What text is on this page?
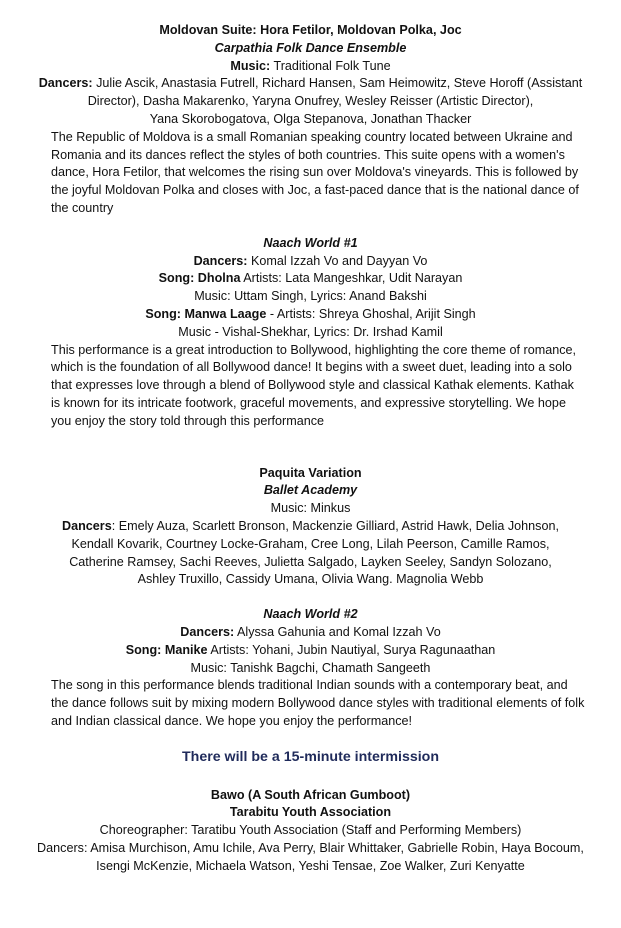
Moldovan Suite: Hora Fetilor, Moldovan Polka, Joc
Carpathia Folk Dance Ensemble
Music: Traditional Folk Tune
Dancers: Julie Ascik, Anastasia Futrell, Richard Hansen, Sam Heimowitz, Steve Horoff (Assistant
Director), Dasha Makarenko, Yaryna Onufrey, Wesley Reisser (Artistic Director),
Yana Skorobogatova, Olga Stepanova, Jonathan Thacker
The Republic of Moldova is a small Romanian speaking country located between Ukraine and Romania and its dances reflect the styles of both countries. This suite opens with a women's dance, Hora Fetilor, that welcomes the rising sun over Moldova's vineyards. This is followed by the joyful Moldovan Polka and closes with Joc, a fast-paced dance that is the national dance of the country
Naach World #1
Dancers: Komal Izzah Vo and Dayyan Vo
Song: Dholna Artists: Lata Mangeshkar, Udit Narayan
Music: Uttam Singh, Lyrics: Anand Bakshi
Song: Manwa Laage - Artists: Shreya Ghoshal, Arijit Singh
Music - Vishal-Shekhar, Lyrics: Dr. Irshad Kamil
This performance is a great introduction to Bollywood, highlighting the core theme of romance, which is the foundation of all Bollywood dance! It begins with a sweet duet, leading into a solo that expresses love through a blend of Bollywood style and classical Kathak elements. Kathak is known for its intricate footwork, graceful movements, and expressive storytelling. We hope you enjoy the story told through this performance
Paquita Variation
Ballet Academy
Music: Minkus
Dancers: Emely Auza, Scarlett Bronson, Mackenzie Gilliard, Astrid Hawk, Delia Johnson,
Kendall Kovarik, Courtney Locke-Graham, Cree Long, Lilah Peerson, Camille Ramos,
Catherine Ramsey, Sachi Reeves, Julietta Salgado, Layken Seeley, Sandyn Solozano,
Ashley Truxillo, Cassidy Umana, Olivia Wang. Magnolia Webb
Naach World #2
Dancers: Alyssa Gahunia and Komal Izzah Vo
Song: Manike Artists: Yohani, Jubin Nautiyal, Surya Ragunaathan
Music: Tanishk Bagchi, Chamath Sangeeth
The song in this performance blends traditional Indian sounds with a contemporary beat, and the dance follows suit by mixing modern Bollywood dance styles with traditional elements of folk and Indian classical dance. We hope you enjoy the performance!
There will be a 15-minute intermission
Bawo (A South African Gumboot)
Tarabitu Youth Association
Choreographer: Taratibu Youth Association (Staff and Performing Members)
Dancers: Amisa Murchison, Amu Ichile, Ava Perry, Blair Whittaker, Gabrielle Robin, Haya Bocoum,
Isengi McKenzie, Michaela Watson, Yeshi Tensae, Zoe Walker, Zuri Kenyatte
